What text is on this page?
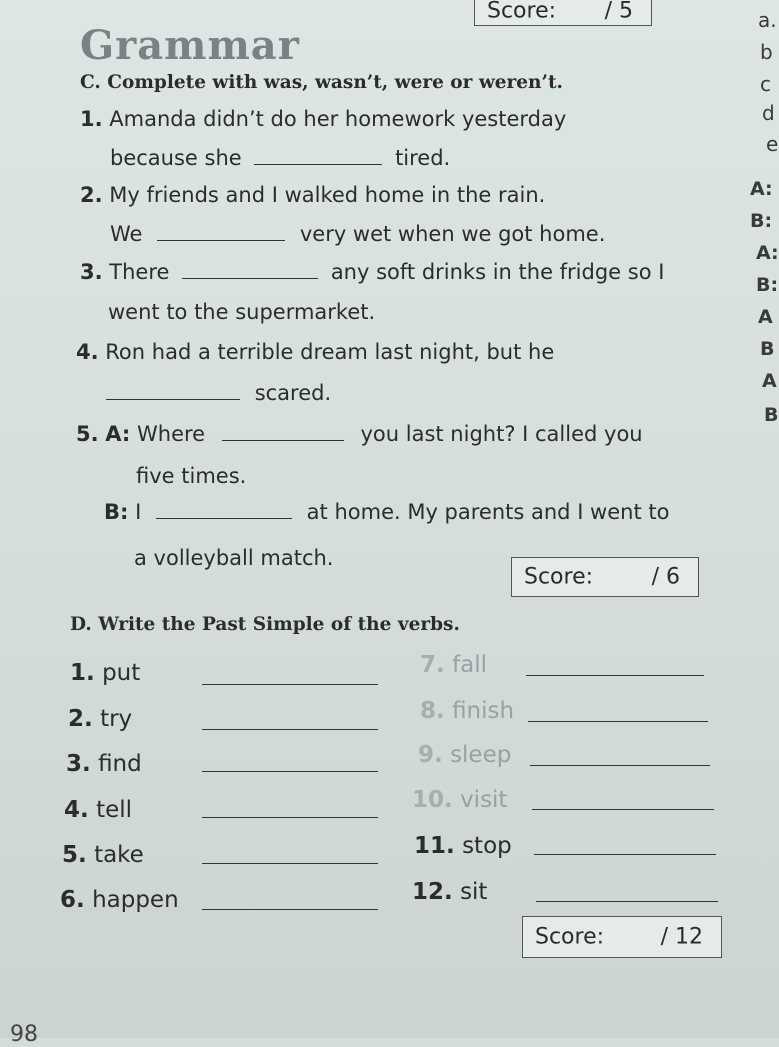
Score: / 5
Grammar
a.
b
c
d
e
A:
B:
A:
B:
A
B
A
B
C. Complete with was, wasn’t, were or weren’t.
1. Amanda didn’t do her homework yesterday
because she	tired.
2. My friends and I walked home in the rain.
We	very wet when we got home.
3. There	any soft drinks in the fridge so I
went to the supermarket.
4. Ron had a terrible dream last night, but he
scared.
5. A: Where	you last night? I called you
five times.
B: I	at home. My parents and I went to
a volleyball match.
Score:	/ 6
D. Write the Past Simple of the verbs.
1. put
2. try
3. find
4. tell
5. take
6. happen
7. fall
8. finish
9. sleep
10. visit
11. stop
12. sit
Score:	/ 12
98
